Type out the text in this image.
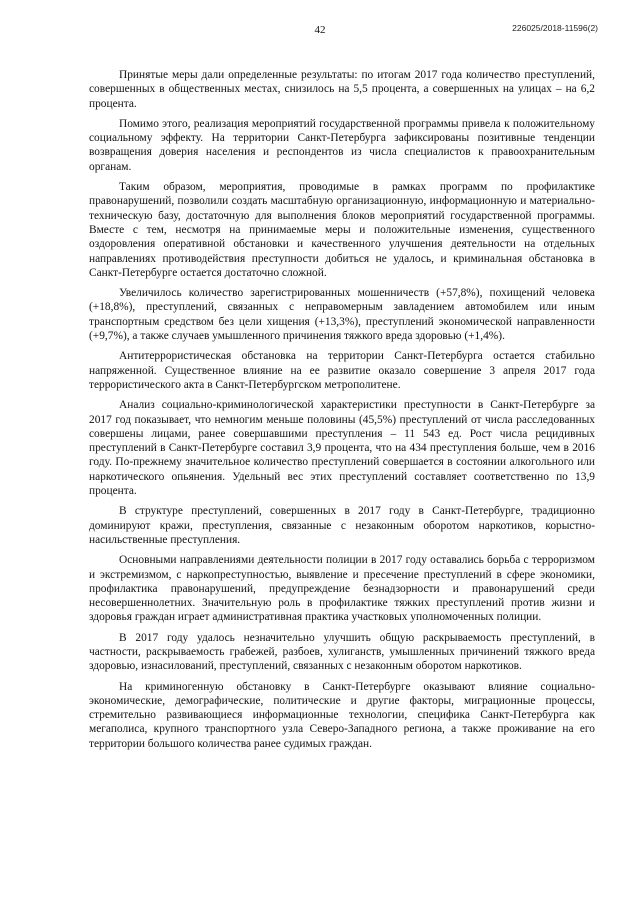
42	226025/2018-11596(2)

Принятые меры дали определенные результаты: по итогам 2017 года количество преступлений, совершенных в общественных местах, снизилось на 5,5 процента, а совершенных на улицах – на 6,2 процента.

Помимо этого, реализация мероприятий государственной программы привела к положительному социальному эффекту. На территории Санкт-Петербурга зафиксированы позитивные тенденции возвращения доверия населения и респондентов из числа специалистов к правоохранительным органам.

Таким образом, мероприятия, проводимые в рамках программ по профилактике правонарушений, позволили создать масштабную организационную, информационную и материально-техническую базу, достаточную для выполнения блоков мероприятий государственной программы. Вместе с тем, несмотря на принимаемые меры и положительные изменения, существенного оздоровления оперативной обстановки и качественного улучшения деятельности на отдельных направлениях противодействия преступности добиться не удалось, и криминальная обстановка в Санкт-Петербурге остается достаточно сложной.

Увеличилось количество зарегистрированных мошенничеств (+57,8%), похищений человека (+18,8%), преступлений, связанных с неправомерным завладением автомобилем или иным транспортным средством без цели хищения (+13,3%), преступлений экономической направленности (+9,7%), а также случаев умышленного причинения тяжкого вреда здоровью (+1,4%).

Антитеррористическая обстановка на территории Санкт-Петербурга остается стабильно напряженной. Существенное влияние на ее развитие оказало совершение 3 апреля 2017 года террористического акта в Санкт-Петербургском метрополитене.

Анализ социально-криминологической характеристики преступности в Санкт-Петербурге за 2017 год показывает, что немногим меньше половины (45,5%) преступлений от числа расследованных совершены лицами, ранее совершавшими преступления – 11 543 ед. Рост числа рецидивных преступлений в Санкт-Петербурге составил 3,9 процента, что на 434 преступления больше, чем в 2016 году. По-прежнему значительное количество преступлений совершается в состоянии алкогольного или наркотического опьянения. Удельный вес этих преступлений составляет соответственно по 13,9 процента.

В структуре преступлений, совершенных в 2017 году в Санкт-Петербурге, традиционно доминируют кражи, преступления, связанные с незаконным оборотом наркотиков, корыстно-насильственные преступления.

Основными направлениями деятельности полиции в 2017 году оставались борьба с терроризмом и экстремизмом, с наркопреступностью, выявление и пресечение преступлений в сфере экономики, профилактика правонарушений, предупреждение безнадзорности и правонарушений среди несовершеннолетних. Значительную роль в профилактике тяжких преступлений против жизни и здоровья граждан играет административная практика участковых уполномоченных полиции.

В 2017 году удалось незначительно улучшить общую раскрываемость преступлений, в частности, раскрываемость грабежей, разбоев, хулиганств, умышленных причинений тяжкого вреда здоровью, изнасилований, преступлений, связанных с незаконным оборотом наркотиков.

На криминогенную обстановку в Санкт-Петербурге оказывают влияние социально-экономические, демографические, политические и другие факторы, миграционные процессы, стремительно развивающиеся информационные технологии, специфика Санкт-Петербурга как мегаполиса, крупного транспортного узла Северо-Западного региона, а также проживание на его территории большого количества ранее судимых граждан.
